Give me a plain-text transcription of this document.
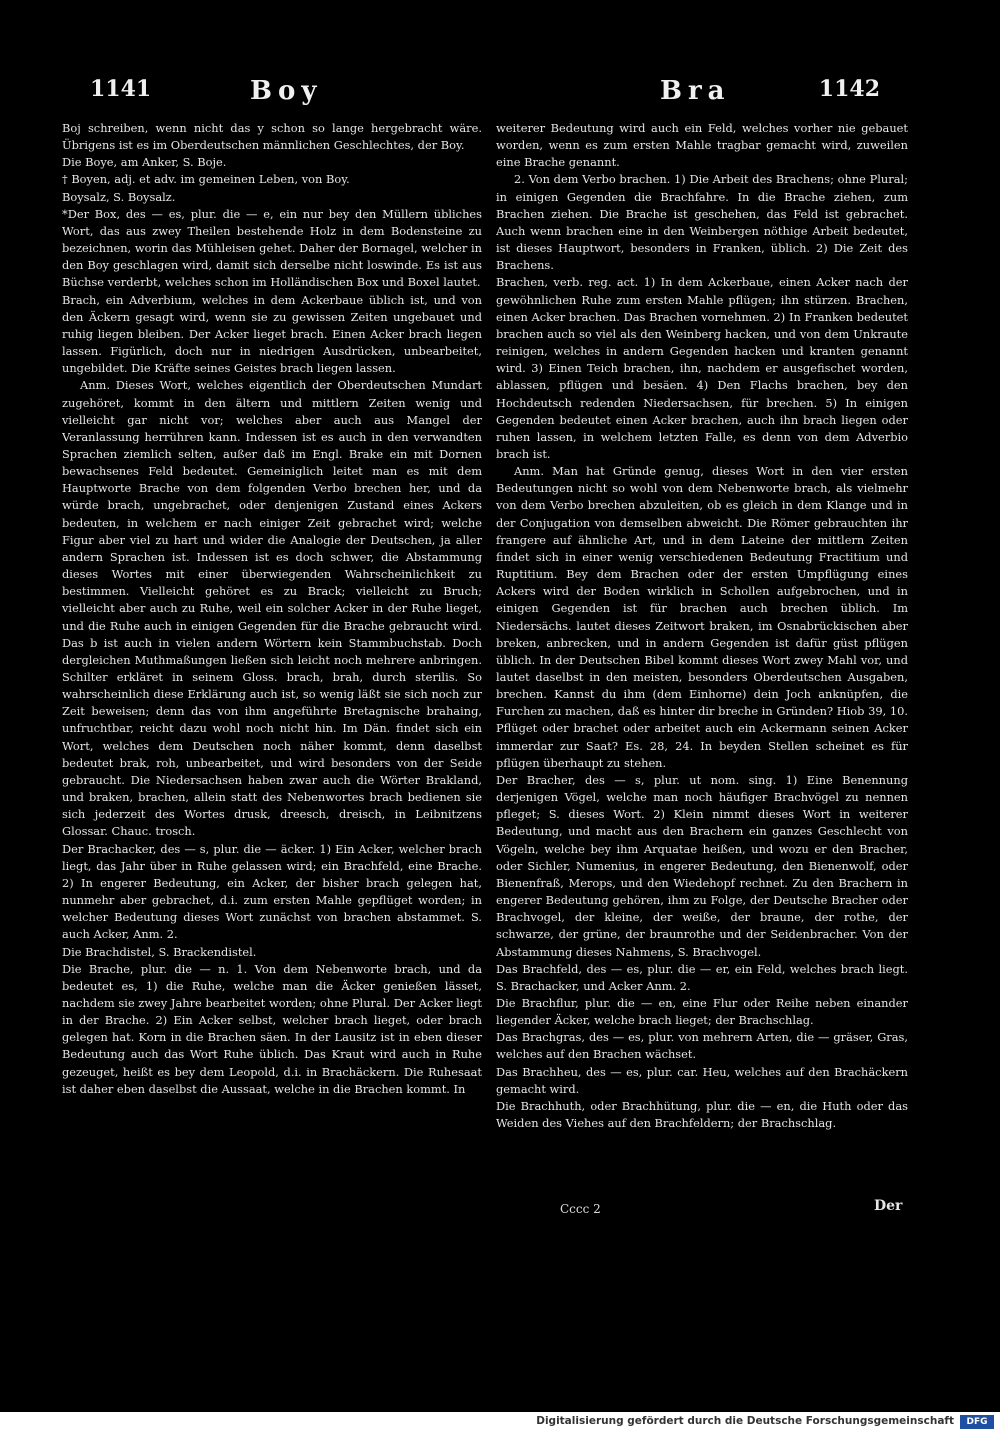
1141	Boy	Bra	1142

Boj schreiben, wenn nicht das y schon so lange hergebracht wäre. Übrigens ist es im Oberdeutschen männlichen Geschlechtes, der Boy.

Die Boye, am Anker, S. Boje.

† Boyen, adj. et adv. im gemeinen Leben, von Boy.

Boysalz, S. Boysalz.

*Der Box, des — es, plur. die — e, ein nur bey den Müllern übliches Wort, das aus zwey Theilen bestehende Holz in dem Bodensteine zu bezeichnen, worin das Mühleisen gehet. Daher der Bornagel, welcher in den Boy geschlagen wird, damit sich derselbe nicht loswinde. Es ist aus Büchse verderbt, welches schon im Holländischen Box und Boxel lautet.

Brach, ein Adverbium, welches in dem Ackerbaue üblich ist, und von den Äckern gesagt wird, wenn sie zu gewissen Zeiten ungebauet und ruhig liegen bleiben. Der Acker lieget brach. Einen Acker brach liegen lassen. Figürlich, doch nur in niedrigen Ausdrücken, unbearbeitet, ungebildet. Die Kräfte seines Geistes brach liegen lassen.

Anm. Dieses Wort, welches eigentlich der Oberdeutschen Mundart zugehöret, kommt in den ältern und mittlern Zeiten wenig und vielleicht gar nicht vor; welches aber auch aus Mangel der Veranlassung herrühren kann. Indessen ist es auch in den verwandten Sprachen ziemlich selten, außer daß im Engl. Brake ein mit Dornen bewachsenes Feld bedeutet. Gemeiniglich leitet man es mit dem Hauptworte Brache von dem folgenden Verbo brechen her, und da würde brach, ungebrachet, oder denjenigen Zustand eines Ackers bedeuten, in welchem er nach einiger Zeit gebrachet wird; welche Figur aber viel zu hart und wider die Analogie der Deutschen, ja aller andern Sprachen ist. Indessen ist es doch schwer, die Abstammung dieses Wortes mit einer überwiegenden Wahrscheinlichkeit zu bestimmen. Vielleicht gehöret es zu Brack; vielleicht zu Bruch; vielleicht aber auch zu Ruhe, weil ein solcher Acker in der Ruhe lieget, und die Ruhe auch in einigen Gegenden für die Brache gebraucht wird. Das b ist auch in vielen andern Wörtern kein Stammbuchstab. Doch dergleichen Muthmaßungen ließen sich leicht noch mehrere anbringen. Schilter erkläret in seinem Gloss. brach, brah, durch sterilis. So wahrscheinlich diese Erklärung auch ist, so wenig läßt sie sich noch zur Zeit beweisen; denn das von ihm angeführte Bretagnische brahaing, unfruchtbar, reicht dazu wohl noch nicht hin. Im Dän. findet sich ein Wort, welches dem Deutschen noch näher kommt, denn daselbst bedeutet brak, roh, unbearbeitet, und wird besonders von der Seide gebraucht. Die Niedersachsen haben zwar auch die Wörter Brakland, und braken, brachen, allein statt des Nebenwortes brach bedienen sie sich jederzeit des Wortes drusk, dreesch, dreisch, in Leibnitzens Glossar. Chauc. trosch.

Der Brachacker, des — s, plur. die — äcker. 1) Ein Acker, welcher brach liegt, das Jahr über in Ruhe gelassen wird; ein Brachfeld, eine Brache. 2) In engerer Bedeutung, ein Acker, der bisher brach gelegen hat, nunmehr aber gebrachet, d.i. zum ersten Mahle gepflüget worden; in welcher Bedeutung dieses Wort zunächst von brachen abstammet. S. auch Acker, Anm. 2.

Die Brachdistel, S. Brackendistel.

Die Brache, plur. die — n. 1. Von dem Nebenworte brach, und da bedeutet es, 1) die Ruhe, welche man die Äcker genießen lässet, nachdem sie zwey Jahre bearbeitet worden; ohne Plural. Der Acker liegt in der Brache. 2) Ein Acker selbst, welcher brach lieget, oder brach gelegen hat. Korn in die Brachen säen. In der Lausitz ist in eben dieser Bedeutung auch das Wort Ruhe üblich. Das Kraut wird auch in Ruhe gezeuget, heißt es bey dem Leopold, d.i. in Brachäckern. Die Ruhesaat ist daher eben daselbst die Aussaat, welche in die Brachen kommt. In

weiterer Bedeutung wird auch ein Feld, welches vorher nie gebauet worden, wenn es zum ersten Mahle tragbar gemacht wird, zuweilen eine Brache genannt.

2. Von dem Verbo brachen. 1) Die Arbeit des Brachens; ohne Plural; in einigen Gegenden die Brachfahre. In die Brache ziehen, zum Brachen ziehen. Die Brache ist geschehen, das Feld ist gebrachet. Auch wenn brachen eine in den Weinbergen nöthige Arbeit bedeutet, ist dieses Hauptwort, besonders in Franken, üblich. 2) Die Zeit des Brachens.

Brachen, verb. reg. act. 1) In dem Ackerbaue, einen Acker nach der gewöhnlichen Ruhe zum ersten Mahle pflügen; ihn stürzen. Brachen, einen Acker brachen. Das Brachen vornehmen. 2) In Franken bedeutet brachen auch so viel als den Weinberg hacken, und von dem Unkraute reinigen, welches in andern Gegenden hacken und kranten genannt wird. 3) Einen Teich brachen, ihn, nachdem er ausgefischet worden, ablassen, pflügen und besäen. 4) Den Flachs brachen, bey den Hochdeutsch redenden Niedersachsen, für brechen. 5) In einigen Gegenden bedeutet einen Acker brachen, auch ihn brach liegen oder ruhen lassen, in welchem letzten Falle, es denn von dem Adverbio brach ist.

Anm. Man hat Gründe genug, dieses Wort in den vier ersten Bedeutungen nicht so wohl von dem Nebenworte brach, als vielmehr von dem Verbo brechen abzuleiten, ob es gleich in dem Klange und in der Conjugation von demselben abweicht. Die Römer gebrauchten ihr frangere auf ähnliche Art, und in dem Lateine der mittlern Zeiten findet sich in einer wenig verschiedenen Bedeutung Fractitium und Ruptitium. Bey dem Brachen oder der ersten Umpflügung eines Ackers wird der Boden wirklich in Schollen aufgebrochen, und in einigen Gegenden ist für brachen auch brechen üblich. Im Niedersächs. lautet dieses Zeitwort braken, im Osnabrückischen aber breken, anbrecken, und in andern Gegenden ist dafür güst pflügen üblich. In der Deutschen Bibel kommt dieses Wort zwey Mahl vor, und lautet daselbst in den meisten, besonders Oberdeutschen Ausgaben, brechen. Kannst du ihm (dem Einhorne) dein Joch anknüpfen, die Furchen zu machen, daß es hinter dir breche in Gründen? Hiob 39, 10. Pflüget oder brachet oder arbeitet auch ein Ackermann seinen Acker immerdar zur Saat? Es. 28, 24. In beyden Stellen scheinet es für pflügen überhaupt zu stehen.

Der Bracher, des — s, plur. ut nom. sing. 1) Eine Benennung derjenigen Vögel, welche man noch häufiger Brachvögel zu nennen pfleget; S. dieses Wort. 2) Klein nimmt dieses Wort in weiterer Bedeutung, und macht aus den Brachern ein ganzes Geschlecht von Vögeln, welche bey ihm Arquatae heißen, und wozu er den Bracher, oder Sichler, Numenius, in engerer Bedeutung, den Bienenwolf, oder Bienenfraß, Merops, und den Wiedehopf rechnet. Zu den Brachern in engerer Bedeutung gehören, ihm zu Folge, der Deutsche Bracher oder Brachvogel, der kleine, der weiße, der braune, der rothe, der schwarze, der grüne, der braunrothe und der Seidenbracher. Von der Abstammung dieses Nahmens, S. Brachvogel.

Das Brachfeld, des — es, plur. die — er, ein Feld, welches brach liegt. S. Brachacker, und Acker Anm. 2.

Die Brachflur, plur. die — en, eine Flur oder Reihe neben einander liegender Äcker, welche brach lieget; der Brachschlag.

Das Brachgras, des — es, plur. von mehrern Arten, die — gräser, Gras, welches auf den Brachen wächset.

Das Brachheu, des — es, plur. car. Heu, welches auf den Brachäckern gemacht wird.

Die Brachhuth, oder Brachhütung, plur. die — en, die Huth oder das Weiden des Viehes auf den Brachfeldern; der Brachschlag.

Cccc 2	Der
Digitalisierung gefördert durch die Deutsche Forschungsgemeinschaft	DFG
